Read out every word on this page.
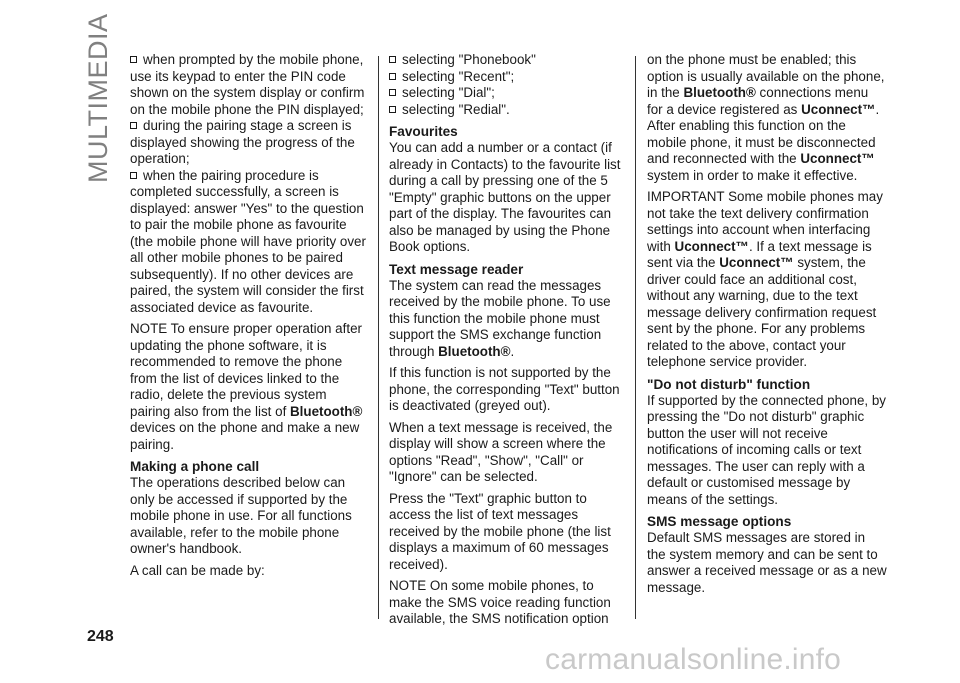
MULTIMEDIA	when prompted by the mobile phone, use its keypad to enter the PIN code shown on the system display or confirm on the mobile phone the PIN displayed;

during the pairing stage a screen is displayed showing the progress of the operation;

when the pairing procedure is completed successfully, a screen is displayed: answer "Yes" to the question to pair the mobile phone as favourite (the mobile phone will have priority over all other mobile phones to be paired subsequently). If no other devices are paired, the system will consider the first associated device as favourite.

NOTE To ensure proper operation after updating the phone software, it is recommended to remove the phone from the list of devices linked to the radio, delete the previous system pairing also from the list of Bluetooth® devices on the phone and make a new pairing.

Making a phone call

The operations described below can only be accessed if supported by the mobile phone in use. For all functions available, refer to the mobile phone owner's handbook.

A call can be made by:

selecting "Phonebook"

selecting "Recent";

selecting "Dial";

selecting "Redial".

Favourites

You can add a number or a contact (if already in Contacts) to the favourite list during a call by pressing one of the 5 "Empty" graphic buttons on the upper part of the display. The favourites can also be managed by using the Phone Book options.

Text message reader

The system can read the messages received by the mobile phone. To use this function the mobile phone must support the SMS exchange function through Bluetooth®.

If this function is not supported by the phone, the corresponding "Text" button is deactivated (greyed out).

When a text message is received, the display will show a screen where the options "Read", "Show", "Call" or "Ignore" can be selected.

Press the "Text" graphic button to access the list of text messages received by the mobile phone (the list displays a maximum of 60 messages received).

NOTE On some mobile phones, to make the SMS voice reading function available, the SMS notification option

on the phone must be enabled; this option is usually available on the phone, in the Bluetooth® connections menu for a device registered as Uconnect™. After enabling this function on the mobile phone, it must be disconnected and reconnected with the Uconnect™ system in order to make it effective.

IMPORTANT Some mobile phones may not take the text delivery confirmation settings into account when interfacing with Uconnect™. If a text message is sent via the Uconnect™ system, the driver could face an additional cost, without any warning, due to the text message delivery confirmation request sent by the phone. For any problems related to the above, contact your telephone service provider.

"Do not disturb" function

If supported by the connected phone, by pressing the "Do not disturb" graphic button the user will not receive notifications of incoming calls or text messages. The user can reply with a default or customised message by means of the settings.

SMS message options

Default SMS messages are stored in the system memory and can be sent to answer a received message or as a new message.

248
carmanualsonline.info
